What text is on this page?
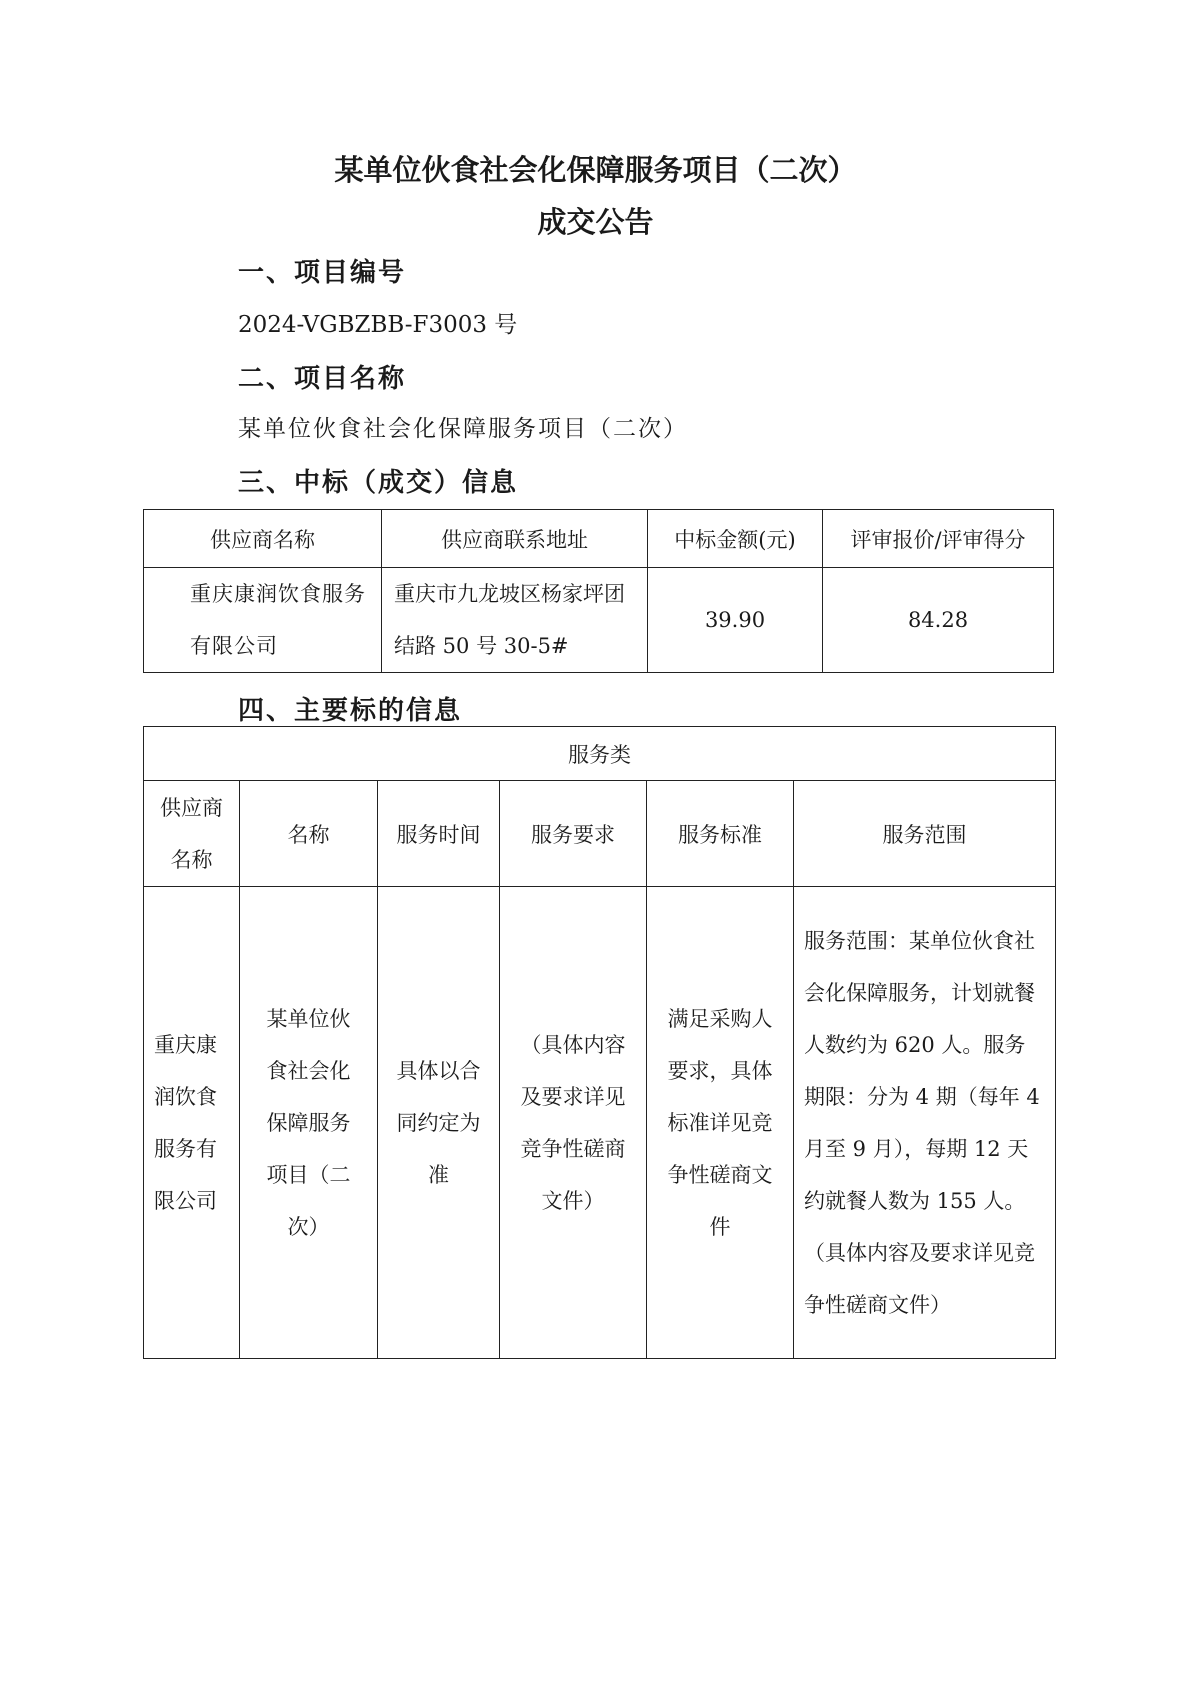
某单位伙食社会化保障服务项目（二次）
成交公告
一、项目编号
2024-VGBZBB-F3003 号
二、项目名称
某单位伙食社会化保障服务项目（二次）
三、中标（成交）信息
供应商名称	供应商联系地址	中标金额(元)	评审报价/评审得分

重庆康润饮食服务有限公司	重庆市九龙坡区杨家坪团结路 50 号 30-5#	39.90	84.28
四、主要标的信息
服务类					

供应商名称	名称	服务时间	服务要求	服务标准	服务范围

重庆康润饮食服务有限公司	某单位伙食社会化保障服务项目（二次）	具体以合同约定为准	（具体内容及要求详见竞争性磋商文件）	满足采购人要求，具体标准详见竞争性磋商文件	服务范围：某单位伙食社会化保障服务，计划就餐人数约为 620 人。服务期限：分为 4 期（每年 4 月至 9 月），每期 12 天约就餐人数为 155 人。（具体内容及要求详见竞争性磋商文件）
